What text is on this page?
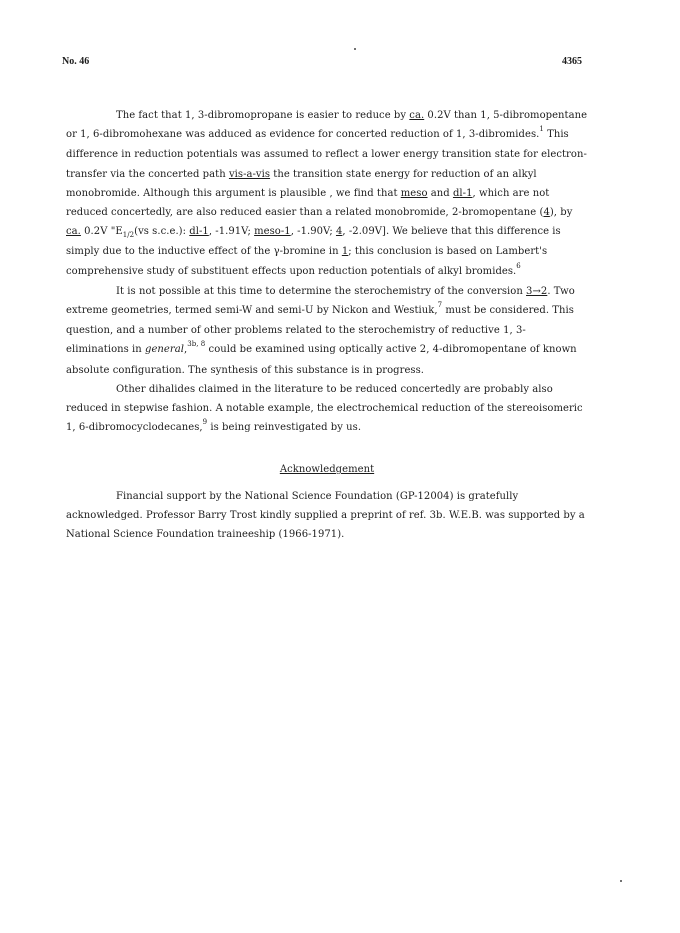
No. 46	4365

The fact that 1, 3-dibromopropane is easier to reduce by ca. 0.2V than 1, 5-dibromopentane or 1, 6-dibromohexane was adduced as evidence for concerted reduction of 1, 3-dibromides.$^1$ This difference in reduction potentials was assumed to reflect a lower energy transition state for electron-transfer via the concerted path vis-a-vis the transition state energy for reduction of an alkyl monobromide. Although this argument is plausible , we find that meso and dl-1, which are not reduced concertedly, are also reduced easier than a related monobromide, 2-bromopentane (4), by ca. 0.2V "$E_{1/2}(vs$ s.c.e.): dl-1, -1.91V; meso-1, -1.90V; 4, -2.09V]. We believe that this difference is simply due to the inductive effect of the γ-bromine in 1; this conclusion is based on Lambert's comprehensive study of substituent effects upon reduction potentials of alkyl bromides.$^6$

It is not possible at this time to determine the sterochemistry of the conversion 3→2. Two extreme geometries, termed semi-W and semi-U by Nickon and Westiuk,$^7$ must be considered. This question, and a number of other problems related to the sterochemistry of reductive 1, 3-eliminations in general,$^{3b, 8}$ could be examined using optically active 2, 4-dibromopentane of known absolute configuration. The synthesis of this substance is in progress.

Other dihalides claimed in the literature to be reduced concertedly are probably also reduced in stepwise fashion. A notable example, the electrochemical reduction of the stereoisomeric 1, 6-dibromocyclodecanes,$^9$ is being reinvestigated by us.

Acknowledgement

Financial support by the National Science Foundation (GP-12004) is gratefully acknowledged. Professor Barry Trost kindly supplied a preprint of ref. 3b. W.E.B. was supported by a National Science Foundation traineeship (1966-1971).
